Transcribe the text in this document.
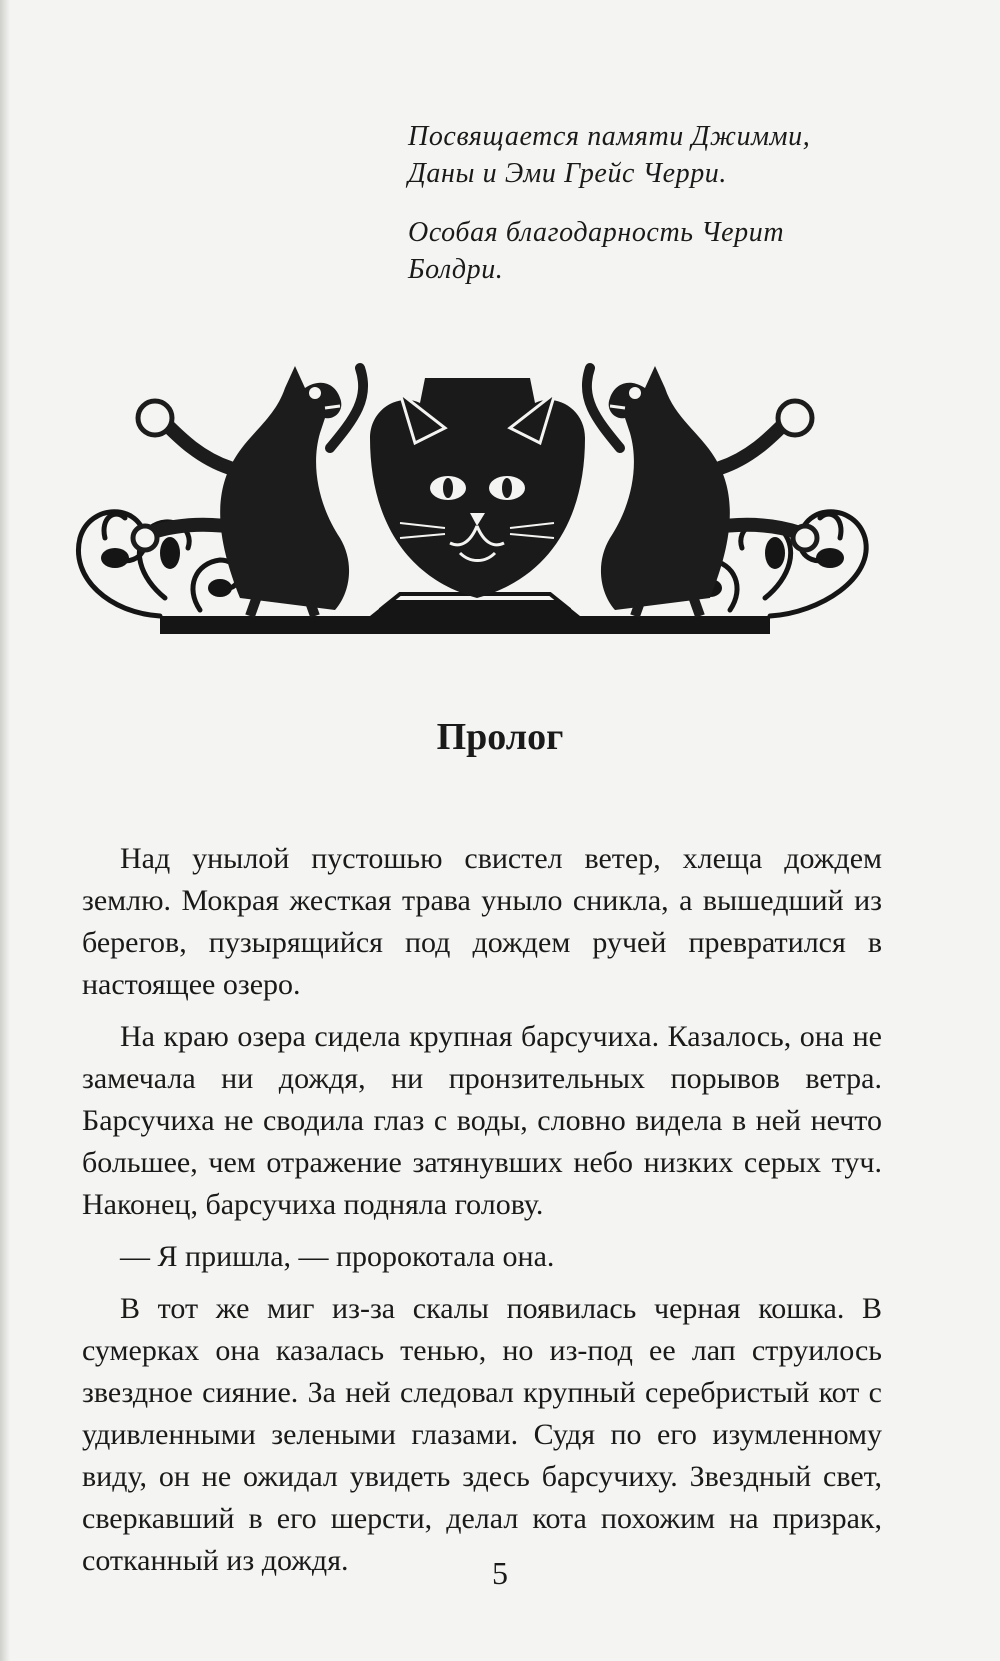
Посвящается памяти Джимми, Даны и Эми Грейс Черри.

Особая благодарность Черит Болдри.

Пролог

Над унылой пустошью свистел ветер, хлеща дождем землю. Мокрая жесткая трава уныло сникла, а вышедший из берегов, пузырящийся под дождем ручей превратился в настоящее озеро.

На краю озера сидела крупная барсучиха. Казалось, она не замечала ни дождя, ни пронзительных порывов ветра. Барсучиха не сводила глаз с воды, словно видела в ней нечто большее, чем отражение затянувших небо низких серых туч. Наконец, барсучиха подняла голову.

— Я пришла, — пророкотала она.

В тот же миг из-за скалы появилась черная кошка. В сумерках она казалась тенью, но из-под ее лап струилось звездное сияние. За ней следовал крупный серебристый кот с удивленными зелеными глазами. Судя по его изумленному виду, он не ожидал увидеть здесь барсучиху. Звездный свет, сверкавший в его шерсти, делал кота похожим на призрак, сотканный из дождя.	5
